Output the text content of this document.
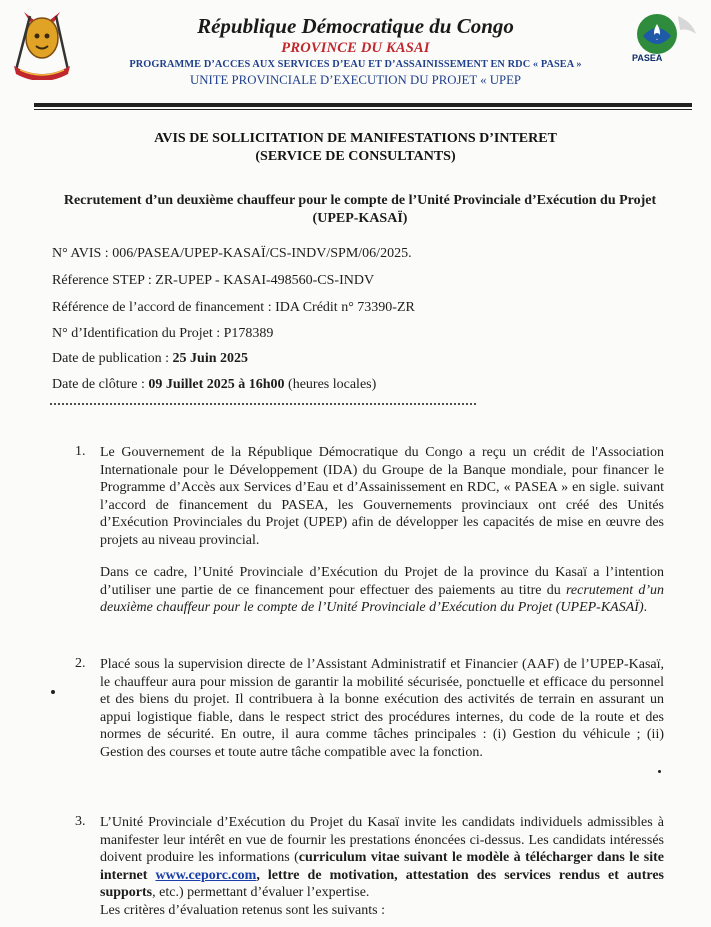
PASEA
République Démocratique du Congo
PROVINCE DU KASAI
PROGRAMME D’ACCES AUX SERVICES D’EAU ET D’ASSAINISSEMENT EN RDC « PASEA »
UNITE PROVINCIALE D’EXECUTION DU PROJET « UPEP
AVIS DE SOLLICITATION DE MANIFESTATIONS D’INTERET
(SERVICE DE CONSULTANTS)
Recrutement d’un deuxième chauffeur pour le compte de l’Unité Provinciale d’Exécution du Projet (UPEP-KASAÏ)
N° AVIS : 006/PASEA/UPEP-KASAÏ/CS-INDV/SPM/06/2025.
Réference STEP : ZR-UPEP - KASAI-498560-CS-INDV
Référence de l’accord de financement : IDA Crédit n° 73390-ZR
N° d’Identification du Projet : P178389
Date de publication : 25 Juin 2025
Date de clôture : 09 Juillet 2025 à 16h00 (heures locales)
1. Le Gouvernement de la République Démocratique du Congo a reçu un crédit de l'Association Internationale pour le Développement (IDA) du Groupe de la Banque mondiale, pour financer le Programme d’Accès aux Services d’Eau et d’Assainissement en RDC, « PASEA » en sigle. suivant l’accord de financement du PASEA, les Gouvernements provinciaux ont créé des Unités d’Exécution Provinciales du Projet (UPEP) afin de développer les capacités de mise en œuvre des projets au niveau provincial.
Dans ce cadre, l’Unité Provinciale d’Exécution du Projet de la province du Kasaï a l’intention d’utiliser une partie de ce financement pour effectuer des paiements au titre du recrutement d’un deuxième chauffeur pour le compte de l’Unité Provinciale d’Exécution du Projet (UPEP-KASAÏ).
2. Placé sous la supervision directe de l’Assistant Administratif et Financier (AAF) de l’UPEP-Kasaï, le chauffeur aura pour mission de garantir la mobilité sécurisée, ponctuelle et efficace du personnel et des biens du projet. Il contribuera à la bonne exécution des activités de terrain en assurant un appui logistique fiable, dans le respect strict des procédures internes, du code de la route et des normes de sécurité. En outre, il aura comme tâches principales : (i) Gestion du véhicule ; (ii) Gestion des courses et toute autre tâche compatible avec la fonction.
3. L’Unité Provinciale d’Exécution du Projet du Kasaï invite les candidats individuels admissibles à manifester leur intérêt en vue de fournir les prestations énoncées ci-dessus. Les candidats intéressés doivent produire les informations (curriculum vitae suivant le modèle à télécharger dans le site internet www.ceporc.com, lettre de motivation, attestation des services rendus et autres supports, etc.) permettant d’évaluer l’expertise.
Les critères d’évaluation retenus sont les suivants :
